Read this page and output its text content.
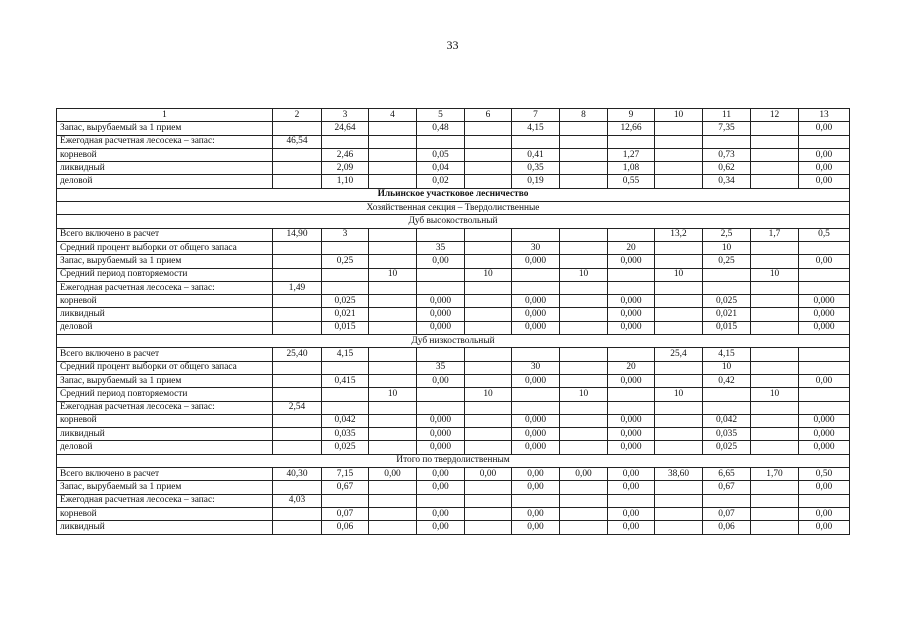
33
1	2	3	4	5	6	7	8	9	10	11	12	13
Запас, вырубаемый за 1 прием		24,64		0,48		4,15		12,66		7,35		0,00
Ежегодная расчетная лесосека – запас:	46,54											
корневой		2,46		0,05		0,41		1,27		0,73		0,00
ликвидный		2,09		0,04		0,35		1,08		0,62		0,00
деловой		1,10		0,02		0,19		0,55		0,34		0,00
Ильинское участковое лесничество												
Хозяйственная секция – Твердолиственные												
Дуб высокоствольный												
Всего включено в расчет	14,90	3							13,2	2,5	1,7	0,5
Средний процент выборки от общего запаса				35		30		20		10		
Запас, вырубаемый за 1 прием		0,25		0,00		0,000		0,000		0,25		0,00
Средний период повторяемости			10		10		10		10		10	
Ежегодная расчетная лесосека – запас:	1,49											
корневой		0,025		0,000		0,000		0,000		0,025		0,000
ликвидный		0,021		0,000		0,000		0,000		0,021		0,000
деловой		0,015		0,000		0,000		0,000		0,015		0,000
Дуб низкоствольный												
Всего включено в расчет	25,40	4,15							25,4	4,15		
Средний процент выборки от общего запаса				35		30		20		10		
Запас, вырубаемый за 1 прием		0,415		0,00		0,000		0,000		0,42		0,00
Средний период повторяемости			10		10		10		10		10	
Ежегодная расчетная лесосека – запас:	2,54											
корневой		0,042		0,000		0,000		0,000		0,042		0,000
ликвидный		0,035		0,000		0,000		0,000		0,035		0,000
деловой		0,025		0,000		0,000		0,000		0,025		0,000
Итого по твердолиственным												
Всего включено в расчет	40,30	7,15	0,00	0,00	0,00	0,00	0,00	0,00	38,60	6,65	1,70	0,50
Запас, вырубаемый за 1 прием		0,67		0,00		0,00		0,00		0,67		0,00
Ежегодная расчетная лесосека – запас:	4,03											
корневой		0,07		0,00		0,00		0,00		0,07		0,00
ликвидный		0,06		0,00		0,00		0,00		0,06		0,00
